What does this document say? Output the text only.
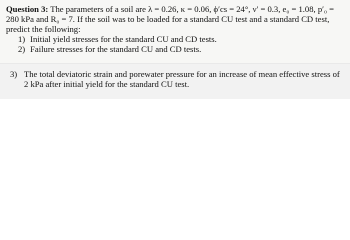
Question 3: The parameters of a soil are λ = 0.26, κ = 0.06, ϕ′cs = 24°, ν′ = 0.3, e₀ = 1.08, p′₀ = 280 kPa and R₀ = 7. If the soil was to be loaded for a standard CU test and a standard CD test, predict the following:

1) Initial yield stresses for the standard CU and CD tests.
2) Failure stresses for the standard CU and CD tests.
3) The total deviatoric strain and porewater pressure for an increase of mean effective stress of 2 kPa after initial yield for the standard CU test.
